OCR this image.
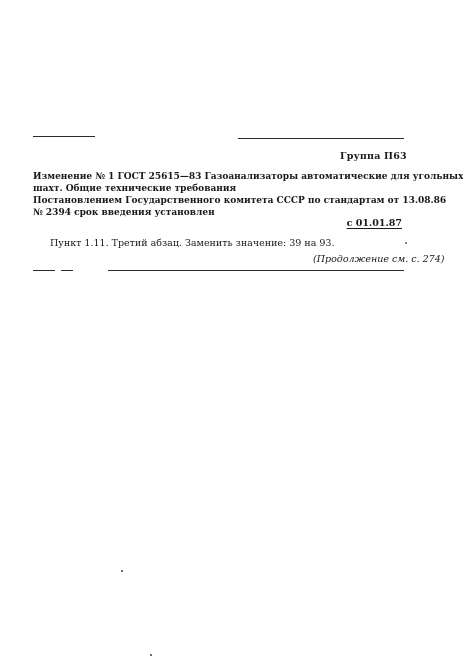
Группа П63
Изменение № 1 ГОСТ 25615—83 Газоанализаторы автоматические для угольных
шахт. Общие технические требования
Постановлением Государственного комитета СССР по стандартам от 13.08.86
№ 2394 срок введения установлен
с 01.01.87
Пункт 1.11. Третий абзац. Заменить значение: 39 на 93.
(Продолжение см. с. 274)
